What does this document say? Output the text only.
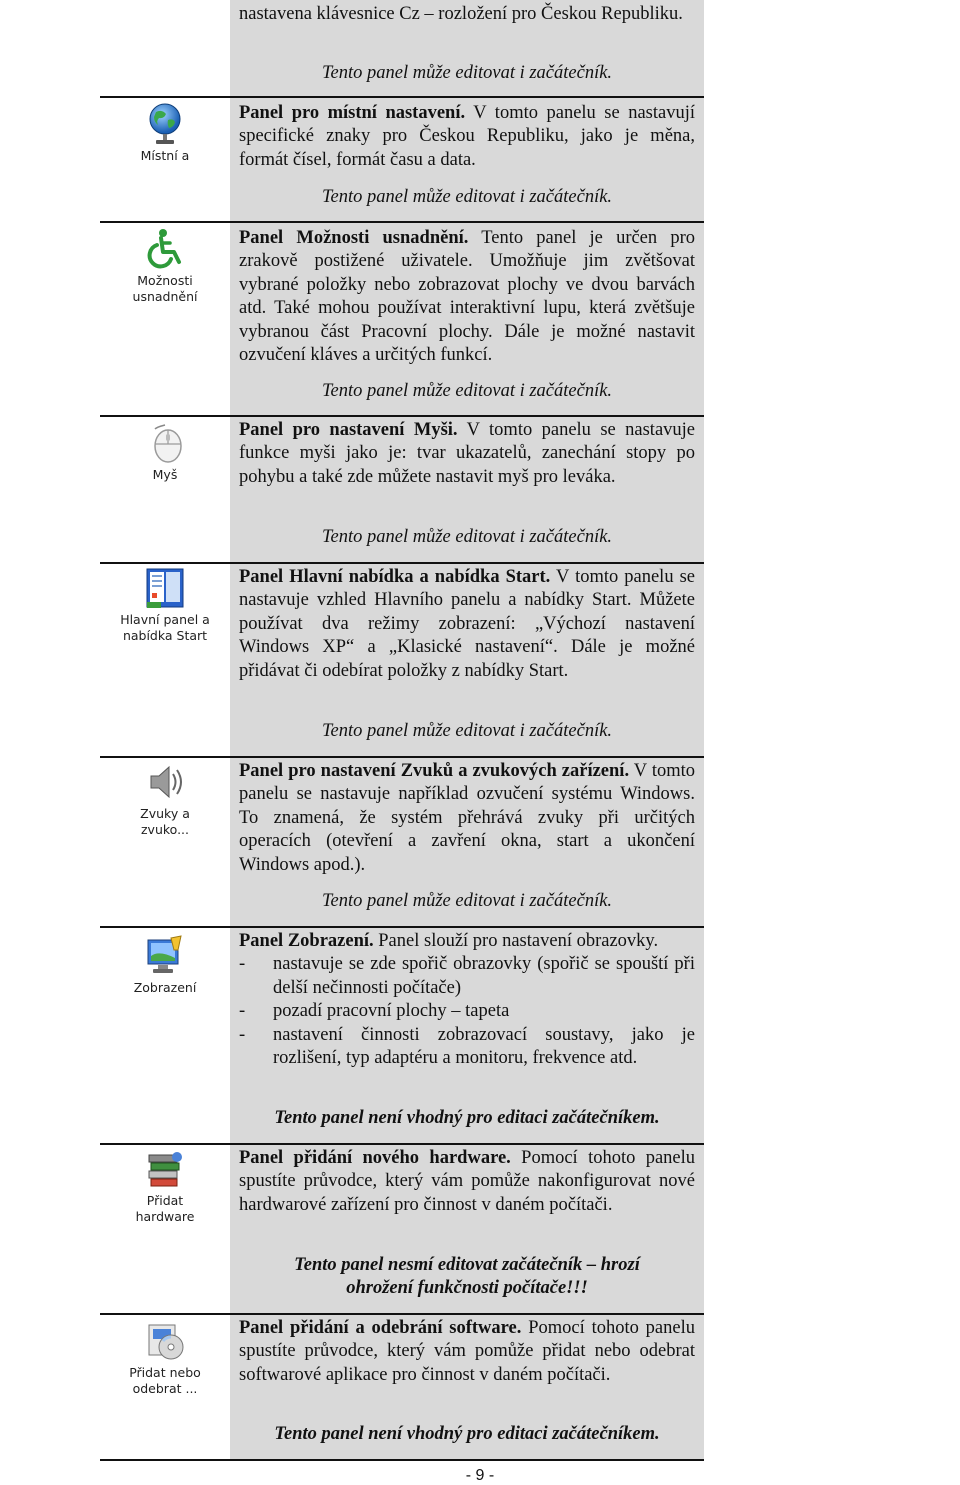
nastavena klávesnice Cz – rozložení pro Českou Republiku.
Tento panel může editovat i začátečník.
Místní a
Panel pro místní nastavení. V tomto panelu se nastavují specifické znaky pro Českou Republiku, jako je měna, formát čísel, formát času a data.
Tento panel může editovat i začátečník.
Možnosti
usnadnění
Panel Možnosti usnadnění. Tento panel je určen pro zrakově postižené uživatele. Umožňuje jim zvětšovat vybrané položky nebo zobrazovat plochy ve dvou barvách atd. Také mohou používat interaktivní lupu, která zvětšuje vybranou část Pracovní plochy. Dále je možné nastavit ozvučení kláves a určitých funkcí.
Tento panel může editovat i začátečník.
Myš
Panel pro nastavení Myši. V tomto panelu se nastavuje funkce myši jako je: tvar ukazatelů, zanechání stopy po pohybu a také zde můžete nastavit myš pro leváka.
Tento panel může editovat i začátečník.
Hlavní panel a
nabídka Start
Panel Hlavní nabídka a nabídka Start. V tomto panelu se nastavuje vzhled Hlavního panelu a nabídky Start. Můžete používat dva režimy zobrazení: „Výchozí nastavení Windows XP“ a „Klasické nastavení“. Dále je možné přidávat či odebírat položky z nabídky Start.
Tento panel může editovat i začátečník.
Zvuky a
zvuko...
Panel pro nastavení Zvuků a zvukových zařízení. V tomto panelu se nastavuje například ozvučení systému Windows. To znamená, že systém přehrává zvuky při určitých operacích (otevření a zavření okna, start a ukončení Windows apod.).
Tento panel může editovat i začátečník.
Zobrazení
Panel Zobrazení. Panel slouží pro nastavení obrazovky.
- nastavuje se zde spořič obrazovky (spořič se spouští při delší nečinnosti počítače)
- pozadí pracovní plochy – tapeta
- nastavení činnosti zobrazovací soustavy, jako je rozlišení, typ adaptéru a monitoru, frekvence atd.
Tento panel není vhodný pro editaci začátečníkem.
Přidat
hardware
Panel přidání nového hardware. Pomocí tohoto panelu spustíte průvodce, který vám pomůže nakonfigurovat nové hardwarové zařízení pro činnost v daném počítači.
Tento panel nesmí editovat začátečník – hrozí ohrožení funkčnosti počítače!!!
Přidat nebo
odebrat ...
Panel přidání a odebrání software. Pomocí tohoto panelu spustíte průvodce, který vám pomůže přidat nebo odebrat softwarové aplikace pro činnost v daném počítači.
Tento panel není vhodný pro editaci začátečníkem.
- 9 -
